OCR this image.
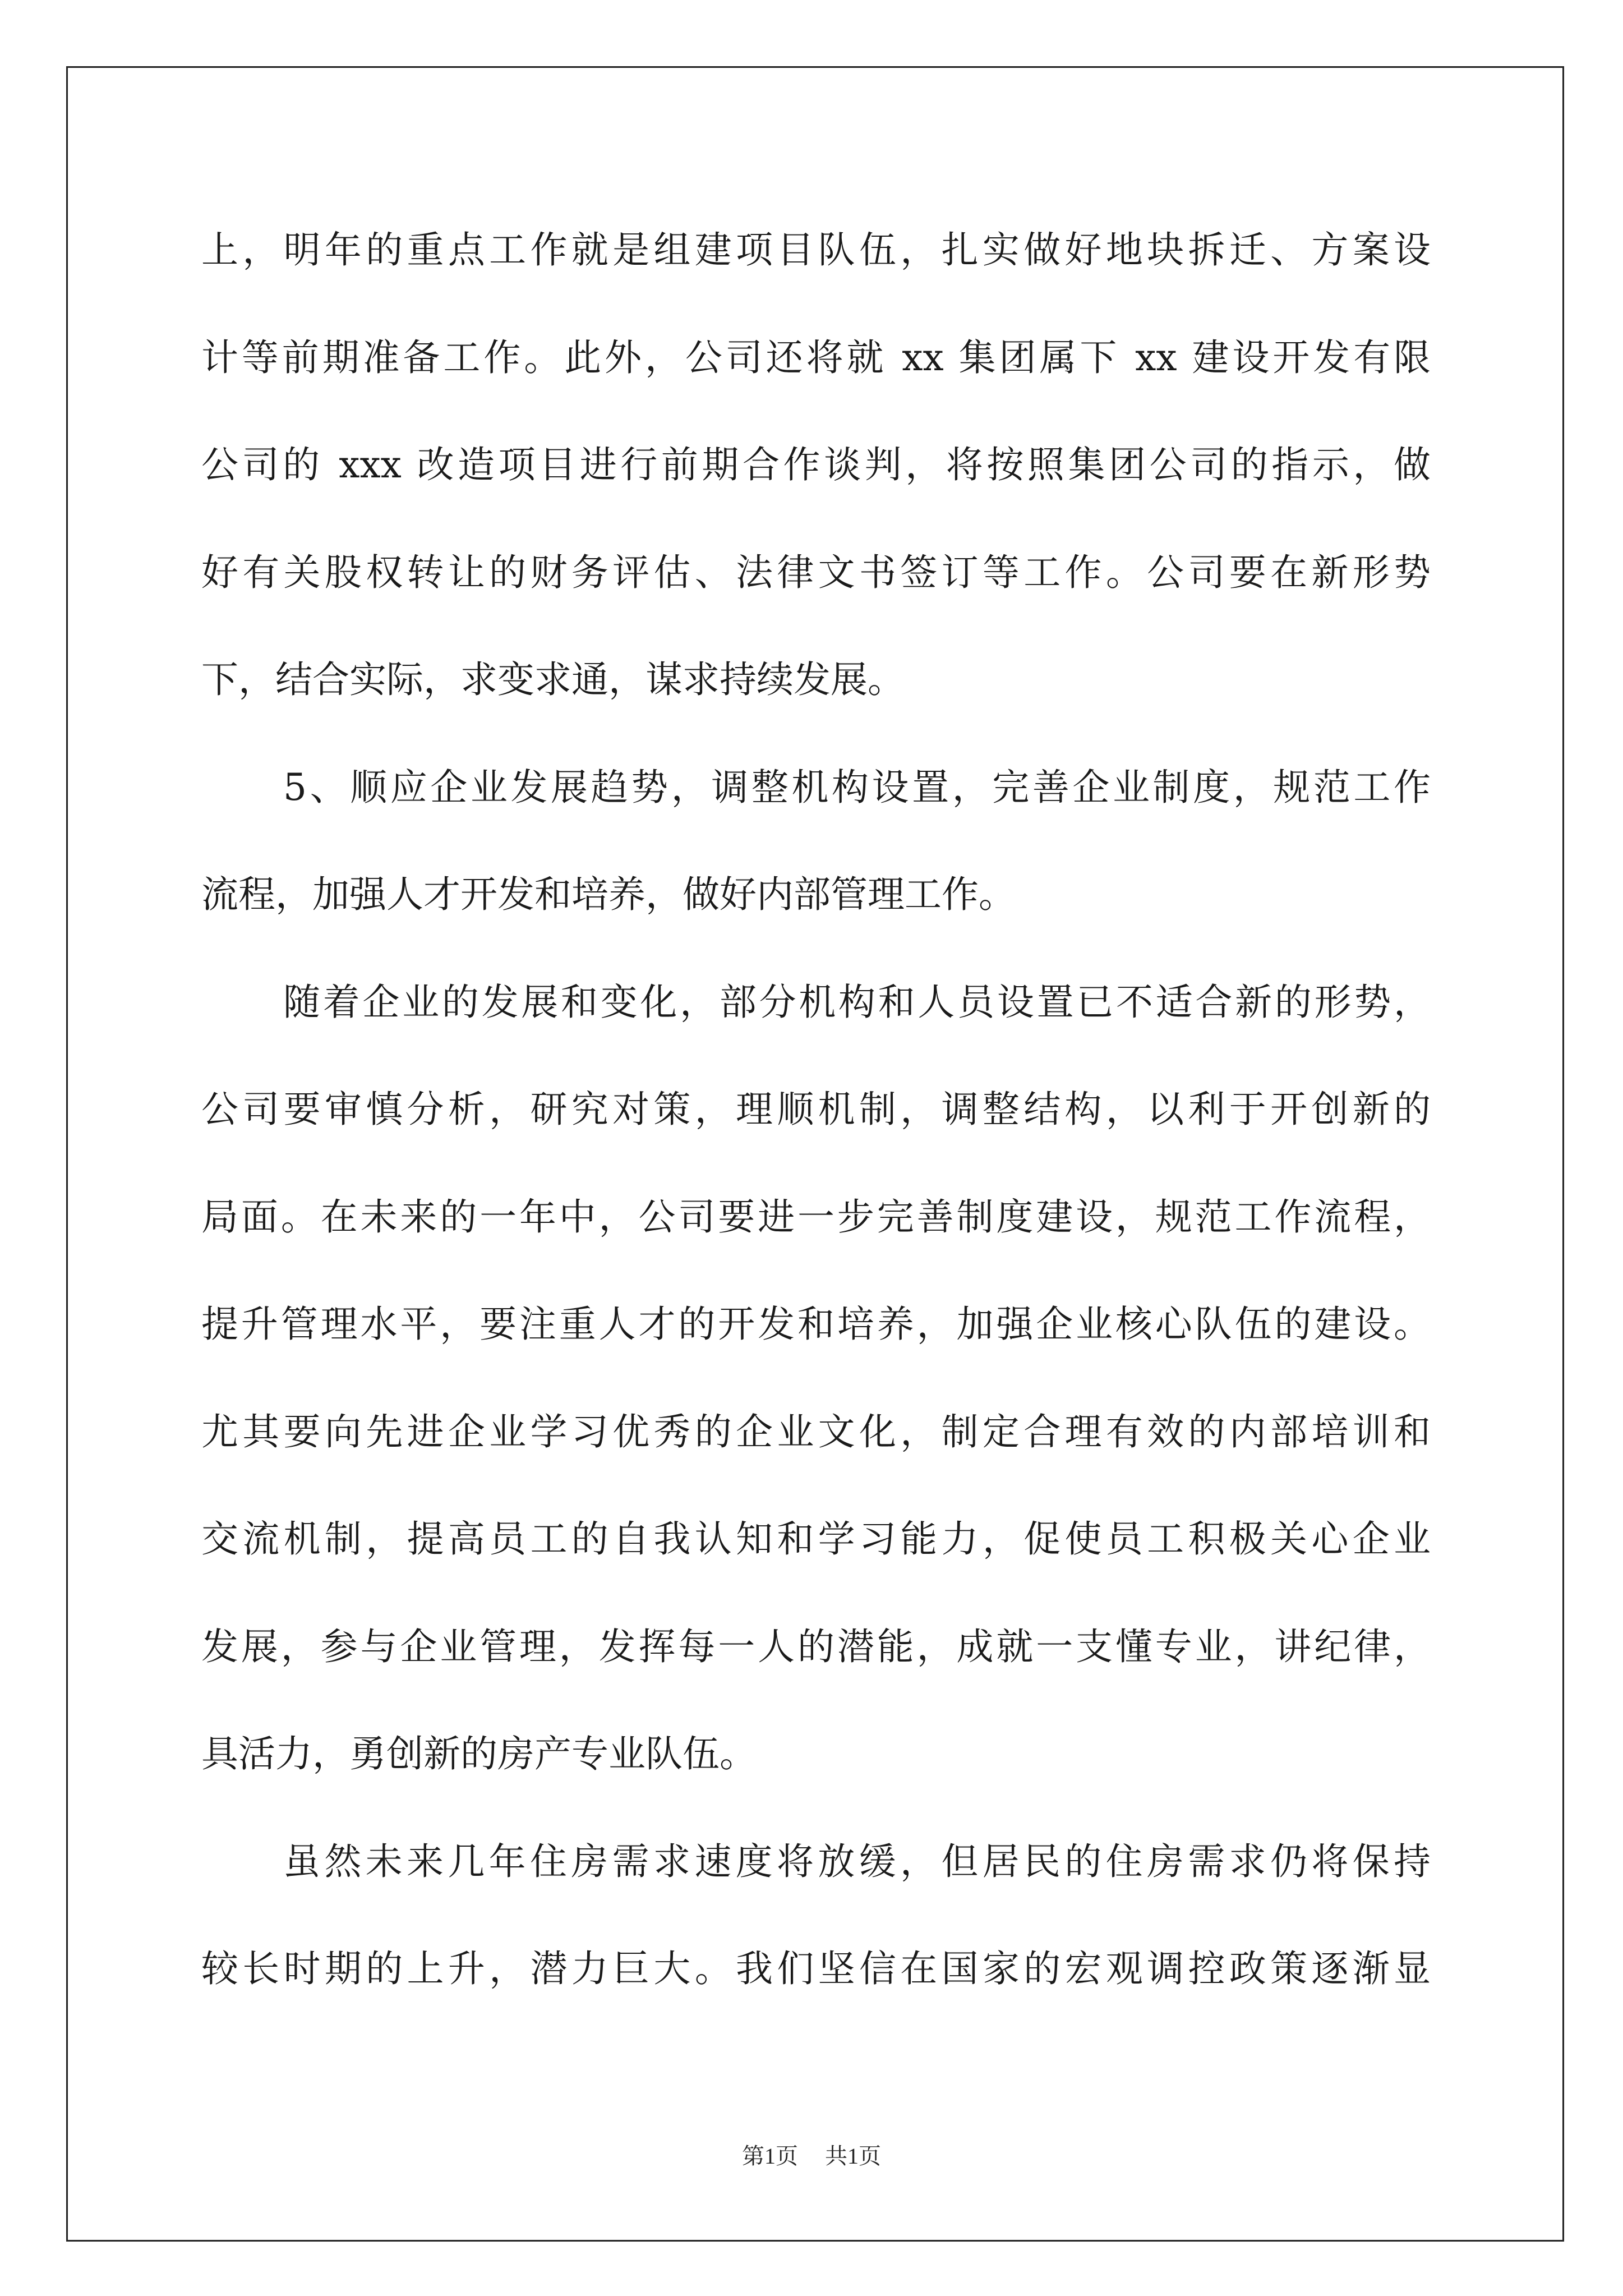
上，明年的重点工作就是组建项目队伍，扎实做好地块拆迁、方案设
计等前期准备工作。此外，公司还将就 xx 集团属下 xx 建设开发有限
公司的 xxx 改造项目进行前期合作谈判，将按照集团公司的指示，做
好有关股权转让的财务评估、法律文书签订等工作。公司要在新形势
下，结合实际，求变求通，谋求持续发展。
5、顺应企业发展趋势，调整机构设置，完善企业制度，规范工作
流程，加强人才开发和培养，做好内部管理工作。
随着企业的发展和变化，部分机构和人员设置已不适合新的形势，
公司要审慎分析，研究对策，理顺机制，调整结构，以利于开创新的
局面。在未来的一年中，公司要进一步完善制度建设，规范工作流程，
提升管理水平，要注重人才的开发和培养，加强企业核心队伍的建设。
尤其要向先进企业学习优秀的企业文化，制定合理有效的内部培训和
交流机制，提高员工的自我认知和学习能力，促使员工积极关心企业
发展，参与企业管理，发挥每一人的潜能，成就一支懂专业，讲纪律，
具活力，勇创新的房产专业队伍。
虽然未来几年住房需求速度将放缓，但居民的住房需求仍将保持
较长时期的上升，潜力巨大。我们坚信在国家的宏观调控政策逐渐显
第1页 共1页
